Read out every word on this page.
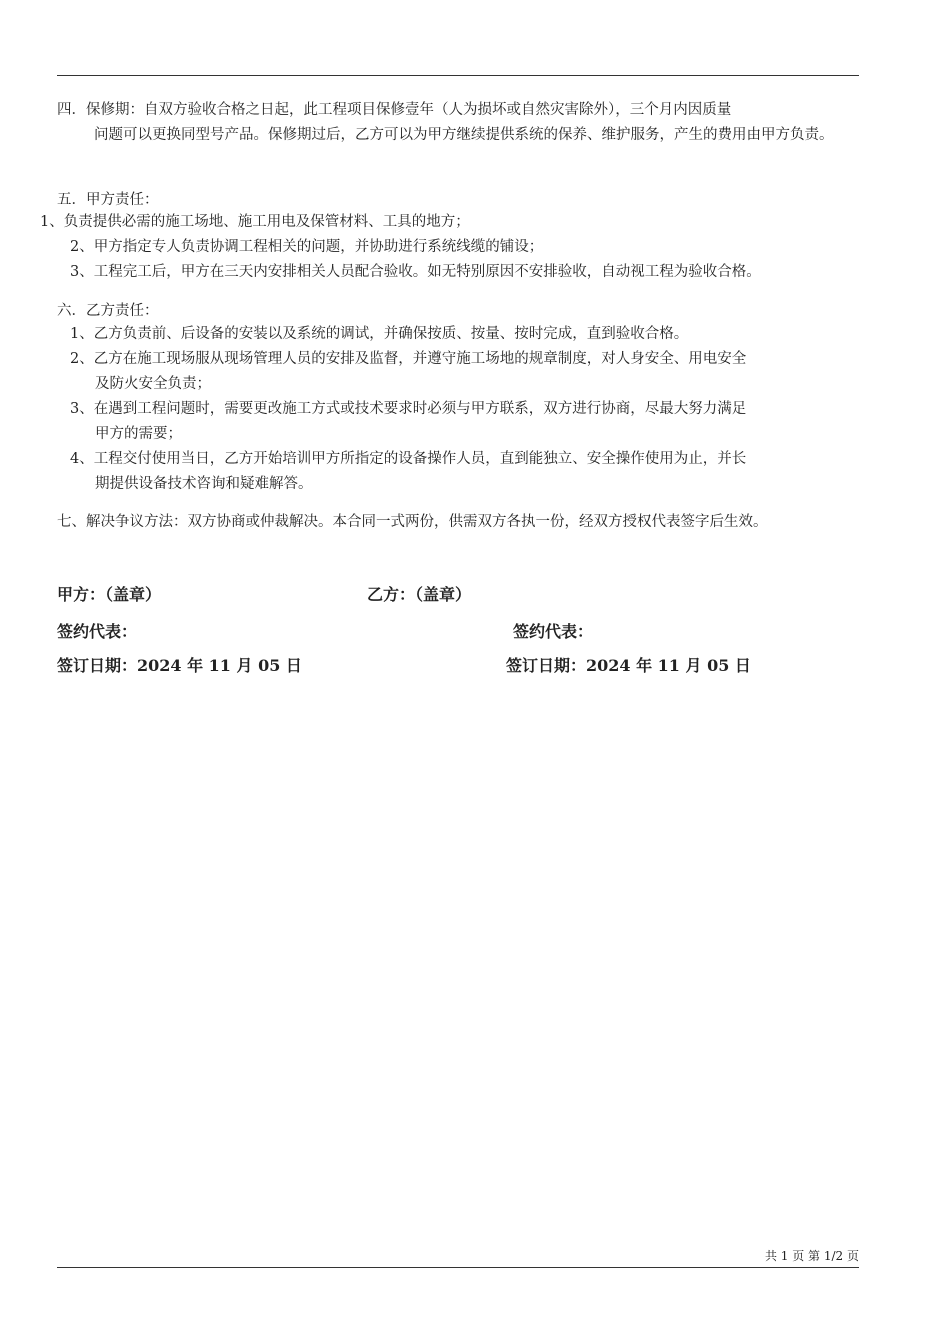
四．保修期：自双方验收合格之日起，此工程项目保修壹年（人为损坏或自然灾害除外），三个月内因质量
问题可以更换同型号产品。保修期过后，乙方可以为甲方继续提供系统的保养、维护服务，产生的费用由甲方负责。

五．甲方责任：

1、负责提供必需的施工场地、施工用电及保管材料、工具的地方；

2、甲方指定专人负责协调工程相关的问题，并协助进行系统线缆的铺设；

3、工程完工后，甲方在三天内安排相关人员配合验收。如无特别原因不安排验收，自动视工程为验收合格。

六．乙方责任：

1、乙方负责前、后设备的安装以及系统的调试，并确保按质、按量、按时完成，直到验收合格。

2、乙方在施工现场服从现场管理人员的安排及监督，并遵守施工场地的规章制度，对人身安全、用电安全
及防火安全负责；

3、在遇到工程问题时，需要更改施工方式或技术要求时必须与甲方联系，双方进行协商，尽最大努力满足
甲方的需要；

4、工程交付使用当日，乙方开始培训甲方所指定的设备操作人员，直到能独立、安全操作使用为止，并长
期提供设备技术咨询和疑难解答。

七、解决争议方法：双方协商或仲裁解决。本合同一式两份，供需双方各执一份，经双方授权代表签字后生效。

甲方：（盖章）	乙方：（盖章）
签约代表：	签约代表：
签订日期：2024 年 11 月 05 日	签订日期：2024 年 11 月 05 日
共 1 页 第 1/2 页
